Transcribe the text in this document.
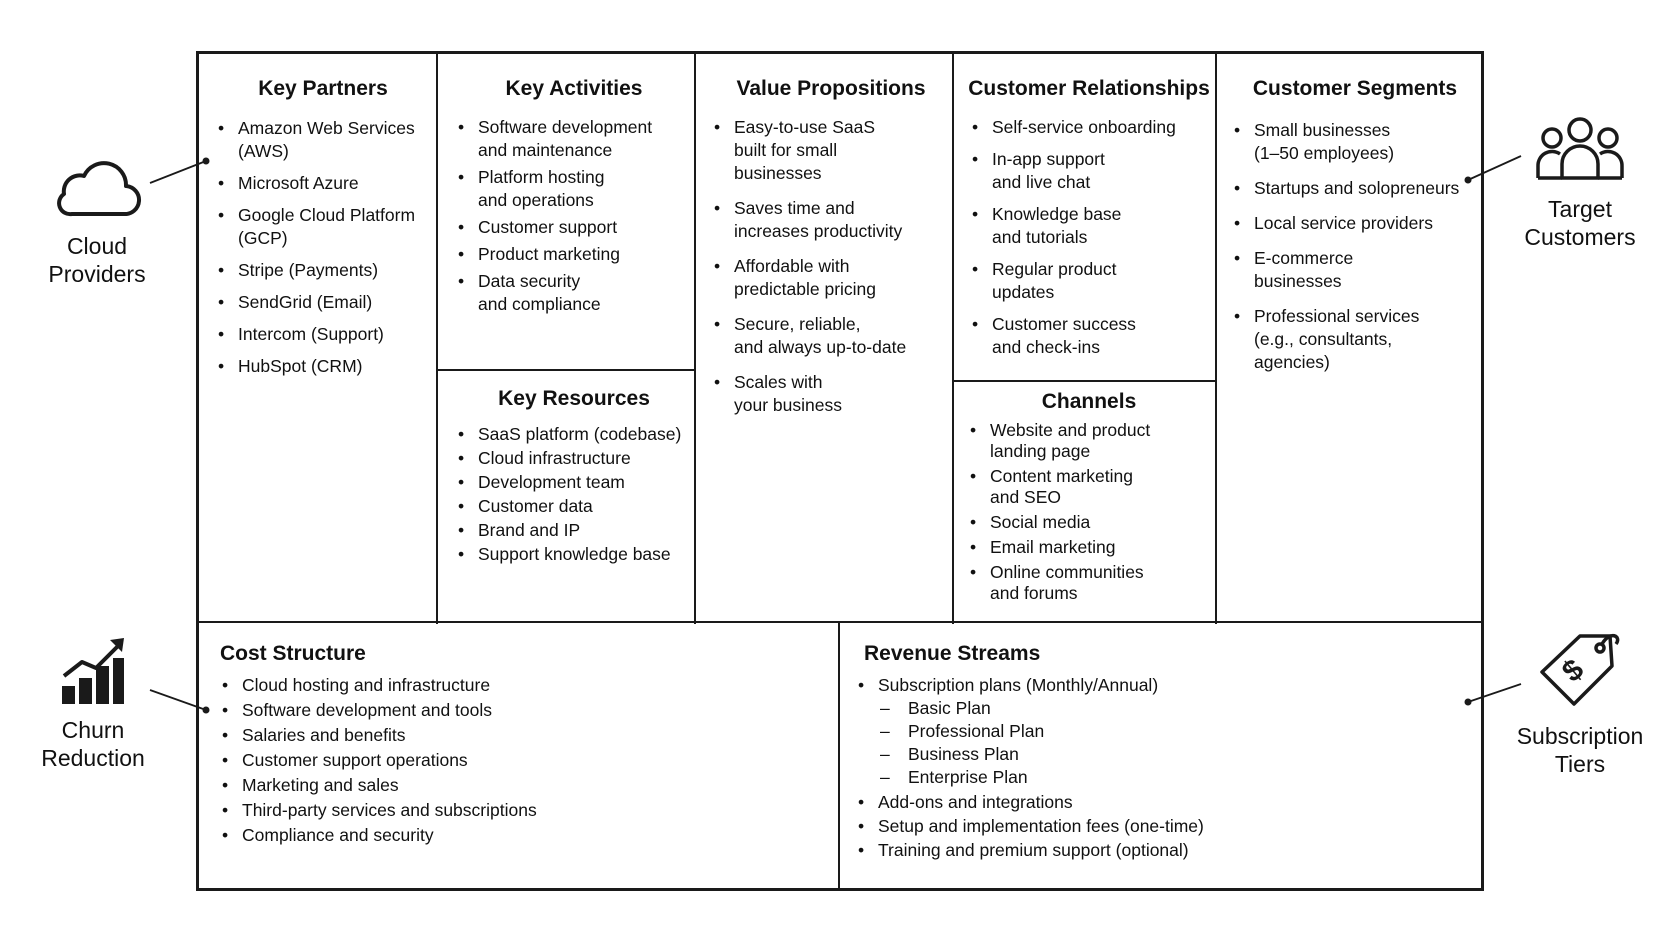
Key Partners
• Amazon Web Services
(AWS)
• Microsoft Azure
• Google Cloud Platform
(GCP)
• Stripe (Payments)
• SendGrid (Email)
• Intercom (Support)
• HubSpot (CRM)
Key Activities
• Software development
and maintenance
• Platform hosting
and operations
• Customer support
• Product marketing
• Data security
and compliance
Key Resources
• SaaS platform (codebase)
• Cloud infrastructure
• Development team
• Customer data
• Brand and IP
• Support knowledge base
Value Propositions
• Easy-to-use SaaS
built for small
businesses
• Saves time and
increases productivity
• Affordable with
predictable pricing
• Secure, reliable,
and always up-to-date
• Scales with
your business
Customer Relationships
• Self-service onboarding
• In-app support
and live chat
• Knowledge base
and tutorials
• Regular product
updates
• Customer success
and check-ins
Channels
• Website and product
landing page
• Content marketing
and SEO
• Social media
• Email marketing
• Online communities
and forums
Customer Segments
• Small businesses
(1–50 employees)
• Startups and solopreneurs
• Local service providers
• E-commerce
businesses
• Professional services
(e.g., consultants,
agencies)
Cost Structure
• Cloud hosting and infrastructure
• Software development and tools
• Salaries and benefits
• Customer support operations
• Marketing and sales
• Third-party services and subscriptions
• Compliance and security
Revenue Streams
• Subscription plans (Monthly/Annual)
– Basic Plan
– Professional Plan
– Business Plan
– Enterprise Plan
• Add-ons and integrations
• Setup and implementation fees (one-time)
• Training and premium support (optional)
Cloud
Providers
Target
Customers
Churn
Reduction
$
Subscription
Tiers
